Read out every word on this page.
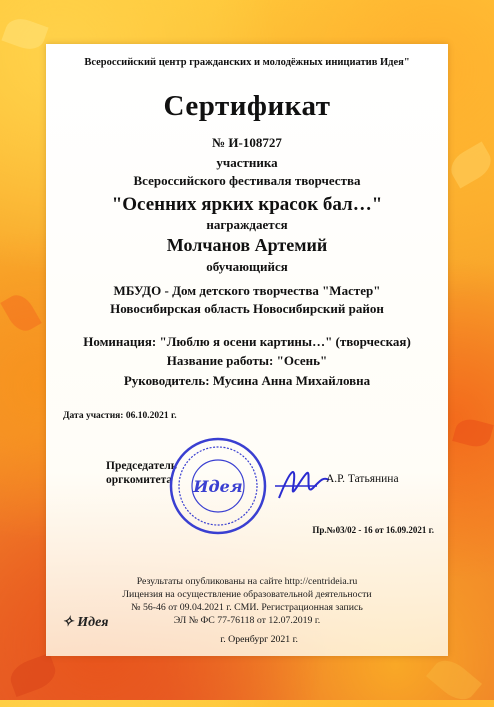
Всероссийский центр гражданских и молодёжных инициатив Идея"
Сертификат
№ И-108727
участника
Всероссийского фестиваля творчества
"Осенних ярких красок бал…"
награждается
Молчанов Артемий
обучающийся
МБУДО - Дом детского творчества "Мастер"
Новосибирская область Новосибирский район
Номинация: "Люблю я осени картины…" (творческая)
Название работы: "Осень"
Руководитель: Мусина Анна Михайловна
Дата участия: 06.10.2021 г.
Председатель
оргкомитета Идея	А.Р. Татьянина
Пр.№03/02 - 16 от 16.09.2021 г.
Результаты опубликованы на сайте http://centrideia.ru
Лицензия на осуществление образовательной деятельности
№ 56-46 от 09.04.2021 г. СМИ. Регистрационная запись
ЭЛ № ФС 77-76118 от 12.07.2019 г.
г. Оренбург 2021 г.
✧ Идея
